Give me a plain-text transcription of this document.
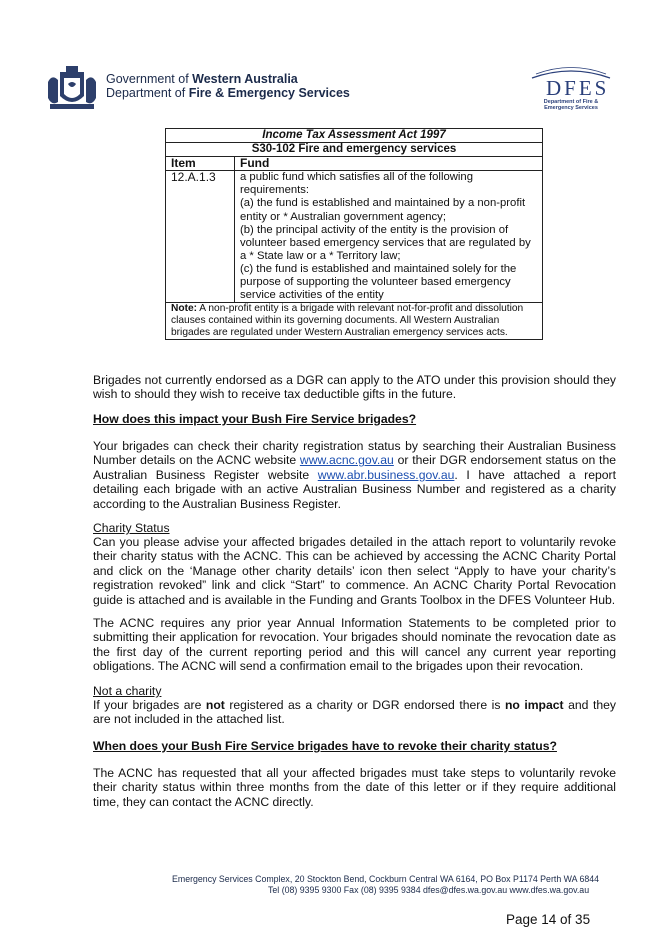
Government of Western Australia
Department of Fire & Emergency Services	DFES
Department of Fire &
Emergency Services
Income Tax Assessment Act 1997	
S30-102 Fire and emergency services	
Item	Fund
12.A.1.3	a public fund which satisfies all of the following requirements:
(a) the fund is established and maintained by a non-profit entity or * Australian government agency;
(b) the principal activity of the entity is the provision of volunteer based emergency services that are regulated by a * State law or a * Territory law;
(c) the fund is established and maintained solely for the purpose of supporting the volunteer based emergency service activities of the entity

Note: A non-profit entity is a brigade with relevant not-for-profit and dissolution clauses contained within its governing documents. All Western Australian brigades are regulated under Western Australian emergency services acts.	
Brigades not currently endorsed as a DGR can apply to the ATO under this provision should they wish to should they wish to receive tax deductible gifts in the future.
How does this impact your Bush Fire Service brigades?
Your brigades can check their charity registration status by searching their Australian Business Number details on the ACNC website www.acnc.gov.au or their DGR endorsement status on the Australian Business Register website www.abr.business.gov.au. I have attached a report detailing each brigade with an active Australian Business Number and registered as a charity according to the Australian Business Register.
Charity Status
Can you please advise your affected brigades detailed in the attach report to voluntarily revoke their charity status with the ACNC. This can be achieved by accessing the ACNC Charity Portal and click on the ‘Manage other charity details’ icon then select “Apply to have your charity’s registration revoked” link and click “Start” to commence. An ACNC Charity Portal Revocation guide is attached and is available in the Funding and Grants Toolbox in the DFES Volunteer Hub.
The ACNC requires any prior year Annual Information Statements to be completed prior to submitting their application for revocation. Your brigades should nominate the revocation date as the first day of the current reporting period and this will cancel any current year reporting obligations. The ACNC will send a confirmation email to the brigades upon their revocation.
Not a charity
If your brigades are not registered as a charity or DGR endorsed there is no impact and they are not included in the attached list.
When does your Bush Fire Service brigades have to revoke their charity status?
The ACNC has requested that all your affected brigades must take steps to voluntarily revoke their charity status within three months from the date of this letter or if they require additional time, they can contact the ACNC directly.
Emergency Services Complex, 20 Stockton Bend, Cockburn Central WA 6164, PO Box P1174 Perth WA 6844
Tel (08) 9395 9300 Fax (08) 9395 9384 dfes@dfes.wa.gov.au www.dfes.wa.gov.au
Page 14 of 35
